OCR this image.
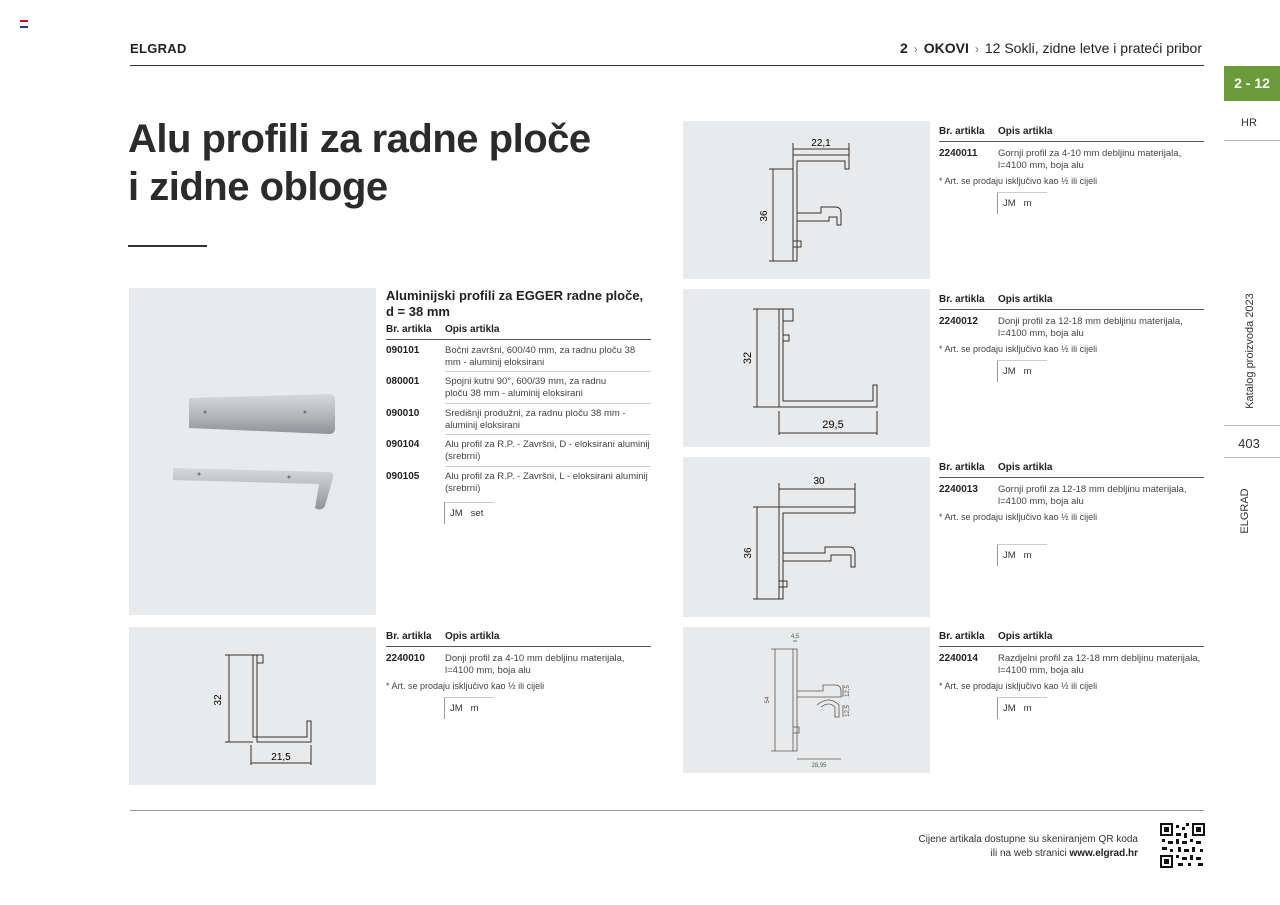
ELGRAD	2 › OKOVI › 12 Sokli, zidne letve i prateći pribor
2 - 12
HR
Katalog proizvoda 2023
403
ELGRAD
Alu profili za radne ploče
i zidne obloge
Aluminijski profili za EGGER radne ploče,
d = 38 mm
Br. artikla Opis artikla
090101	Bočni završni, 600/40 mm, za radnu ploču 38 mm - aluminij eloksirani
080001	Spojni kutni 90°, 600/39 mm, za radnu ploču 38 mm - aluminij eloksirani
090010	Središnji produžni, za radnu ploču 38 mm - aluminij eloksirani
090104	Alu profil za R.P. - Završni, D - eloksirani aluminij (srebrni)
090105	Alu profil za R.P. - Završni, L - eloksirani aluminij (srebrni)
JM set
32
21,5
Br. artikla Opis artikla
2240010 Donji profil za 4-10 mm debljinu materijala,
l=4100 mm, boja alu
* Art. se prodaju isključivo kao ½ ili cijeli
JM m
22,1
36
Br. artikla Opis artikla
2240011 Gornji profil za 4-10 mm debljinu materijala,
l=4100 mm, boja alu
* Art. se prodaju isključivo kao ½ ili cijeli
JM m
32
29,5
Br. artikla Opis artikla
2240012 Donji profil za 12-18 mm debljinu materijala,
l=4100 mm, boja alu
* Art. se prodaju isključivo kao ½ ili cijeli
JM m
30
36
Br. artikla Opis artikla
2240013 Gornji profil za 12-18 mm debljinu materijala,
l=4100 mm, boja alu
* Art. se prodaju isključivo kao ½ ili cijeli
JM m
4,5
54
12,5
12,5
28,95
Br. artikla Opis artikla
2240014 Razdjelni profil za 12-18 mm debljinu materijala,
l=4100 mm, boja alu
* Art. se prodaju isključivo kao ½ ili cijeli
JM m
Cijene artikala dostupne su skeniranjem QR koda
ili na web stranici www.elgrad.hr
